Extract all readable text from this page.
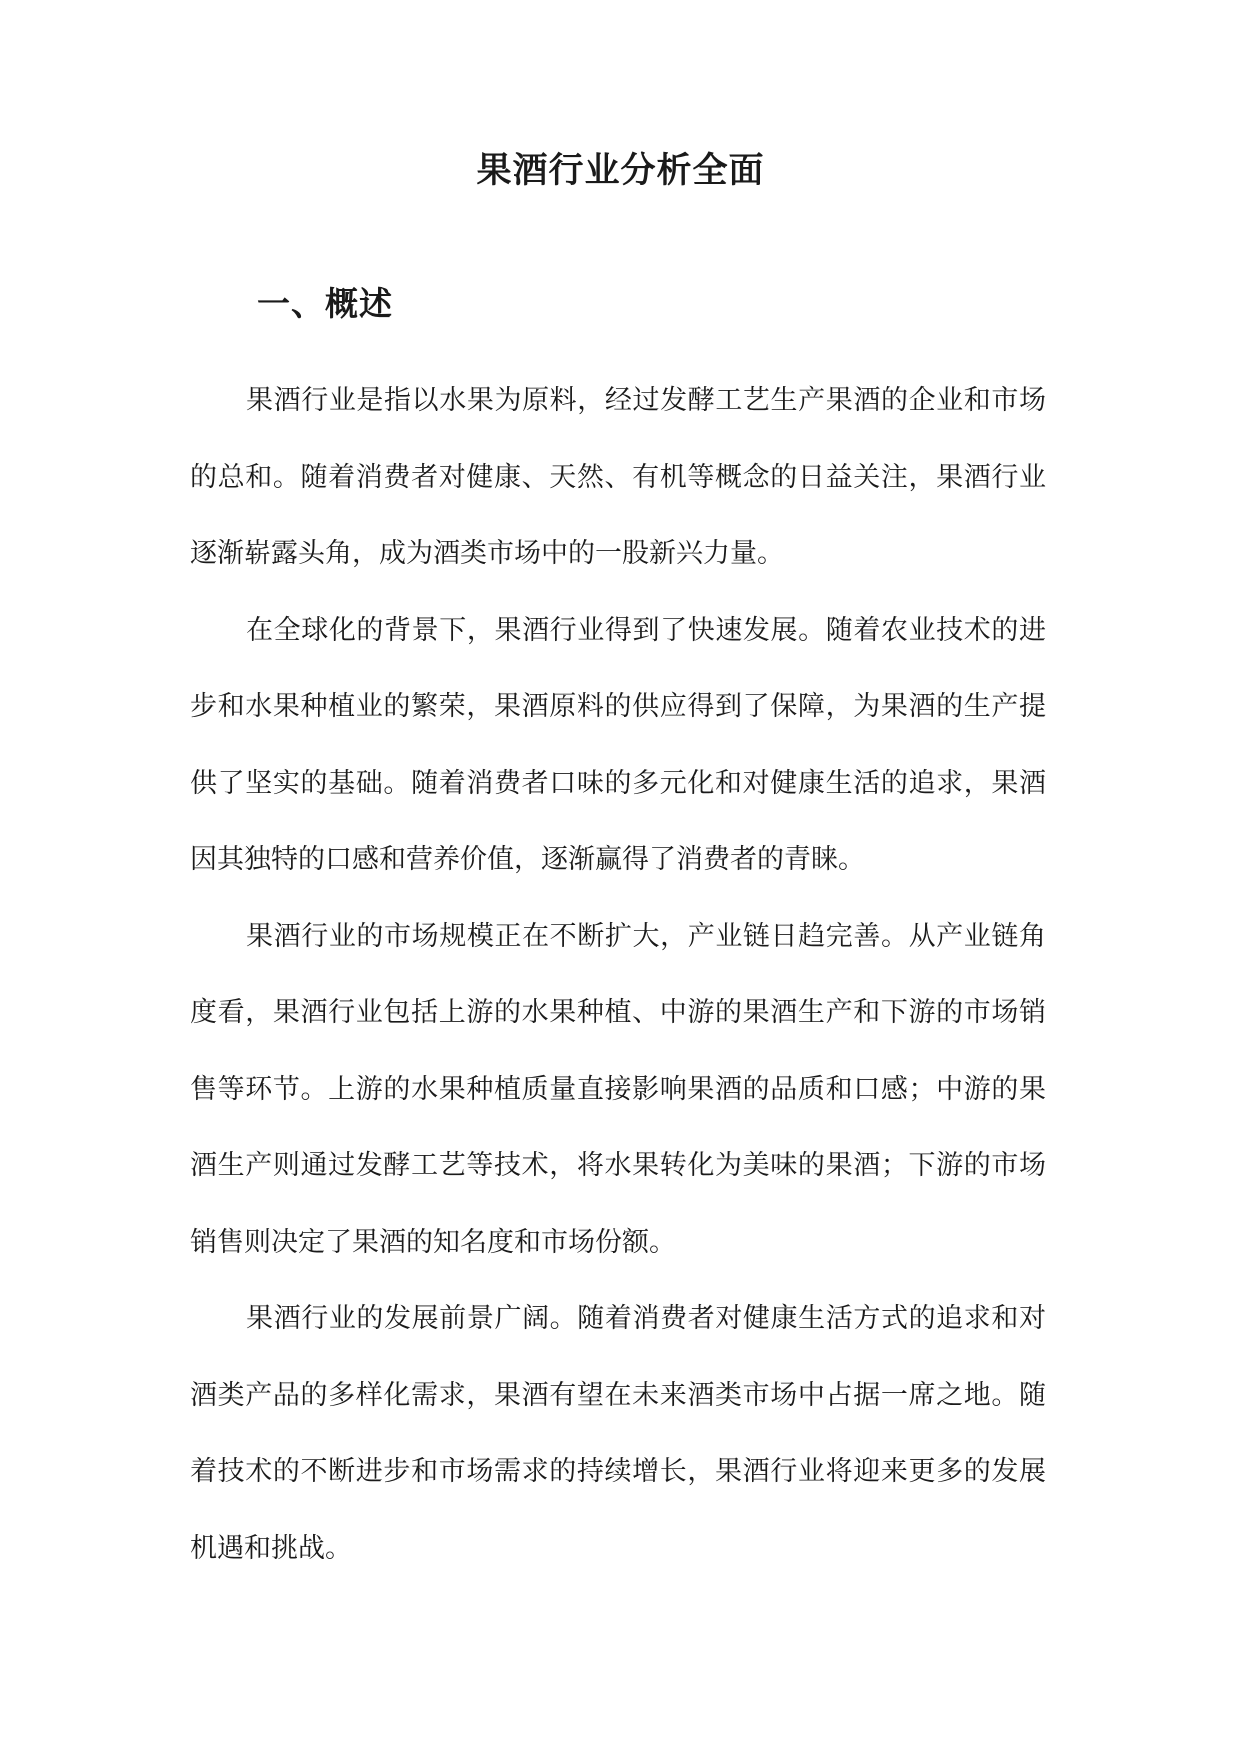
果酒行业分析全面
一、概述

果酒行业是指以水果为原料，经过发酵工艺生产果酒的企业和市场的总和。随着消费者对健康、天然、有机等概念的日益关注，果酒行业逐渐崭露头角，成为酒类市场中的一股新兴力量。

在全球化的背景下，果酒行业得到了快速发展。随着农业技术的进步和水果种植业的繁荣，果酒原料的供应得到了保障，为果酒的生产提供了坚实的基础。随着消费者口味的多元化和对健康生活的追求，果酒因其独特的口感和营养价值，逐渐赢得了消费者的青睐。

果酒行业的市场规模正在不断扩大，产业链日趋完善。从产业链角度看，果酒行业包括上游的水果种植、中游的果酒生产和下游的市场销售等环节。上游的水果种植质量直接影响果酒的品质和口感；中游的果酒生产则通过发酵工艺等技术，将水果转化为美味的果酒；下游的市场销售则决定了果酒的知名度和市场份额。

果酒行业的发展前景广阔。随着消费者对健康生活方式的追求和对酒类产品的多样化需求，果酒有望在未来酒类市场中占据一席之地。随着技术的不断进步和市场需求的持续增长，果酒行业将迎来更多的发展机遇和挑战。
